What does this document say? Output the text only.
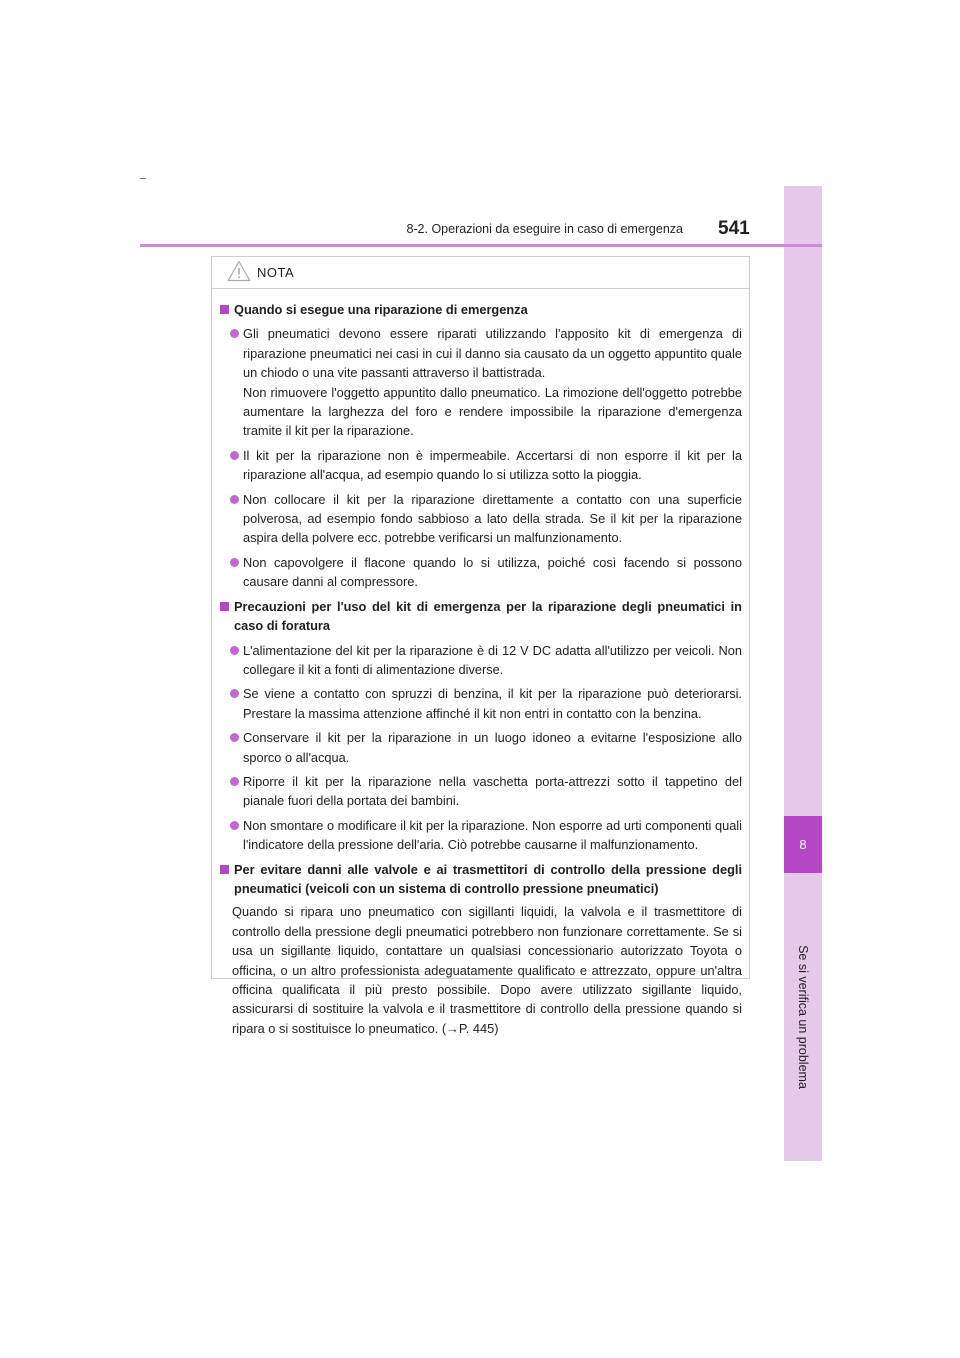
8
Se si verifica un problema
8-2. Operazioni da eseguire in caso di emergenza 541
NOTA
Quando si esegue una riparazione di emergenza
Gli pneumatici devono essere riparati utilizzando l'apposito kit di emergenza di riparazione pneumatici nei casi in cui il danno sia causato da un oggetto appuntito quale un chiodo o una vite passanti attraverso il battistrada.
Non rimuovere l'oggetto appuntito dallo pneumatico. La rimozione dell'oggetto potrebbe aumentare la larghezza del foro e rendere impossibile la riparazione d'emergenza tramite il kit per la riparazione.
Il kit per la riparazione non è impermeabile. Accertarsi di non esporre il kit per la riparazione all'acqua, ad esempio quando lo si utilizza sotto la pioggia.
Non collocare il kit per la riparazione direttamente a contatto con una superficie polverosa, ad esempio fondo sabbioso a lato della strada. Se il kit per la riparazione aspira della polvere ecc. potrebbe verificarsi un malfunzionamento.
Non capovolgere il flacone quando lo si utilizza, poiché così facendo si possono causare danni al compressore.
Precauzioni per l'uso del kit di emergenza per la riparazione degli pneumatici in caso di foratura
L'alimentazione del kit per la riparazione è di 12 V DC adatta all'utilizzo per veicoli. Non collegare il kit a fonti di alimentazione diverse.
Se viene a contatto con spruzzi di benzina, il kit per la riparazione può deteriorarsi. Prestare la massima attenzione affinché il kit non entri in contatto con la benzina.
Conservare il kit per la riparazione in un luogo idoneo a evitarne l'esposizione allo sporco o all'acqua.
Riporre il kit per la riparazione nella vaschetta porta-attrezzi sotto il tappetino del pianale fuori della portata dei bambini.
Non smontare o modificare il kit per la riparazione. Non esporre ad urti componenti quali l'indicatore della pressione dell'aria. Ciò potrebbe causarne il malfunzionamento.
Per evitare danni alle valvole e ai trasmettitori di controllo della pressione degli pneumatici (veicoli con un sistema di controllo pressione pneumatici)
Quando si ripara uno pneumatico con sigillanti liquidi, la valvola e il trasmettitore di controllo della pressione degli pneumatici potrebbero non funzionare correttamente. Se si usa un sigillante liquido, contattare un qualsiasi concessionario autorizzato Toyota o officina, o un altro professionista adeguatamente qualificato e attrezzato, oppure un'altra officina qualificata il più presto possibile. Dopo avere utilizzato sigillante liquido, assicurarsi di sostituire la valvola e il trasmettitore di controllo della pressione quando si ripara o si sostituisce lo pneumatico. (→P. 445)
